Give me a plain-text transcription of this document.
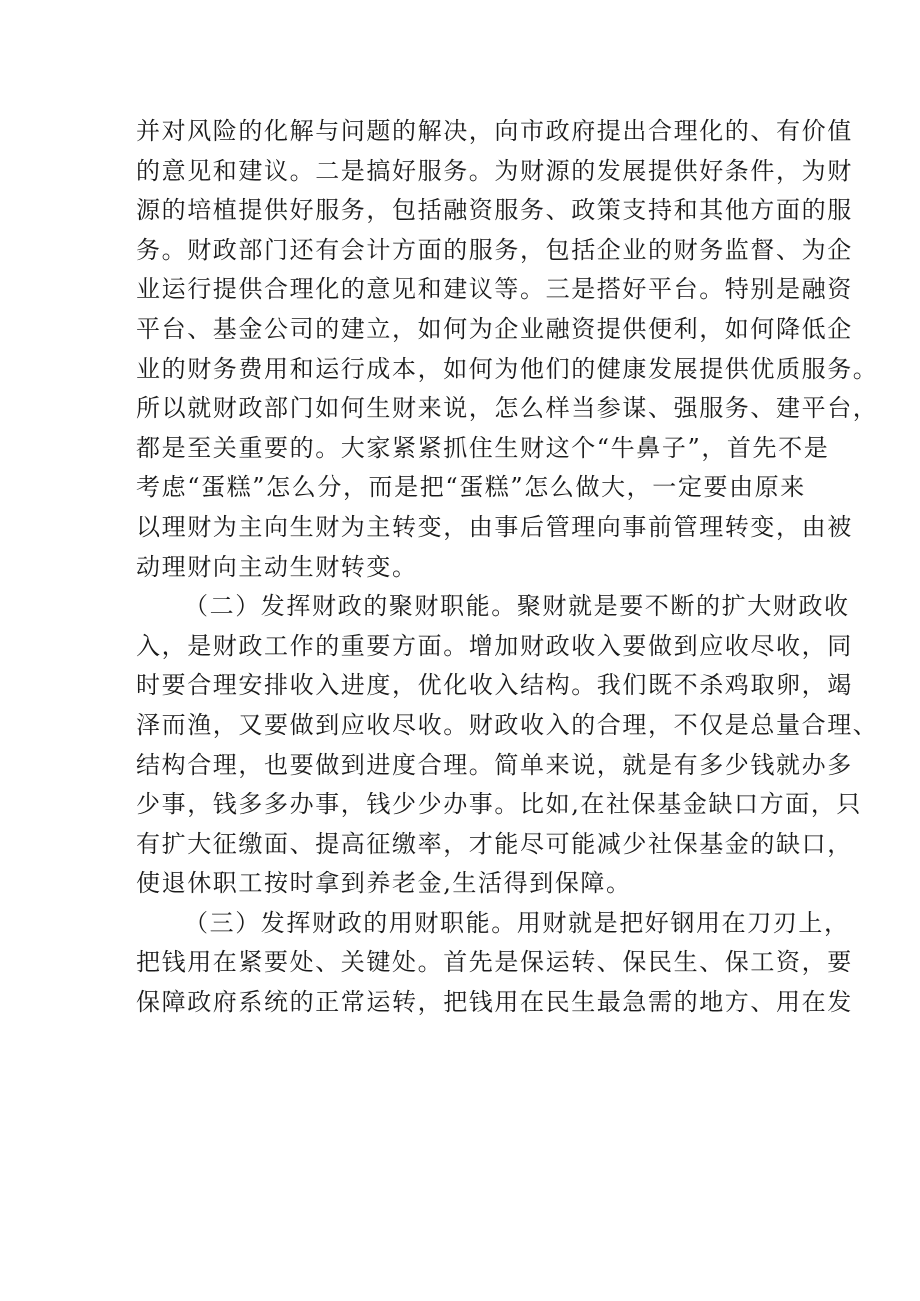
并对风险的化解与问题的解决，向市政府提出合理化的、有价值
的意见和建议。二是搞好服务。为财源的发展提供好条件，为财
源的培植提供好服务，包括融资服务、政策支持和其他方面的服
务。财政部门还有会计方面的服务，包括企业的财务监督、为企
业运行提供合理化的意见和建议等。三是搭好平台。特别是融资
平台、基金公司的建立，如何为企业融资提供便利，如何降低企
业的财务费用和运行成本，如何为他们的健康发展提供优质服务。
所以就财政部门如何生财来说，怎么样当参谋、强服务、建平台，
都是至关重要的。大家紧紧抓住生财这个“牛鼻子”，首先不是
考虑“蛋糕”怎么分，而是把“蛋糕”怎么做大，一定要由原来
以理财为主向生财为主转变，由事后管理向事前管理转变，由被
动理财向主动生财转变。
（二）发挥财政的聚财职能。聚财就是要不断的扩大财政收
入，是财政工作的重要方面。增加财政收入要做到应收尽收，同
时要合理安排收入进度，优化收入结构。我们既不杀鸡取卵，竭
泽而渔，又要做到应收尽收。财政收入的合理，不仅是总量合理、
结构合理，也要做到进度合理。简单来说，就是有多少钱就办多
少事，钱多多办事，钱少少办事。比如,在社保基金缺口方面，只
有扩大征缴面、提高征缴率，才能尽可能减少社保基金的缺口，
使退休职工按时拿到养老金,生活得到保障。
（三）发挥财政的用财职能。用财就是把好钢用在刀刃上，
把钱用在紧要处、关键处。首先是保运转、保民生、保工资，要
保障政府系统的正常运转，把钱用在民生最急需的地方、用在发
